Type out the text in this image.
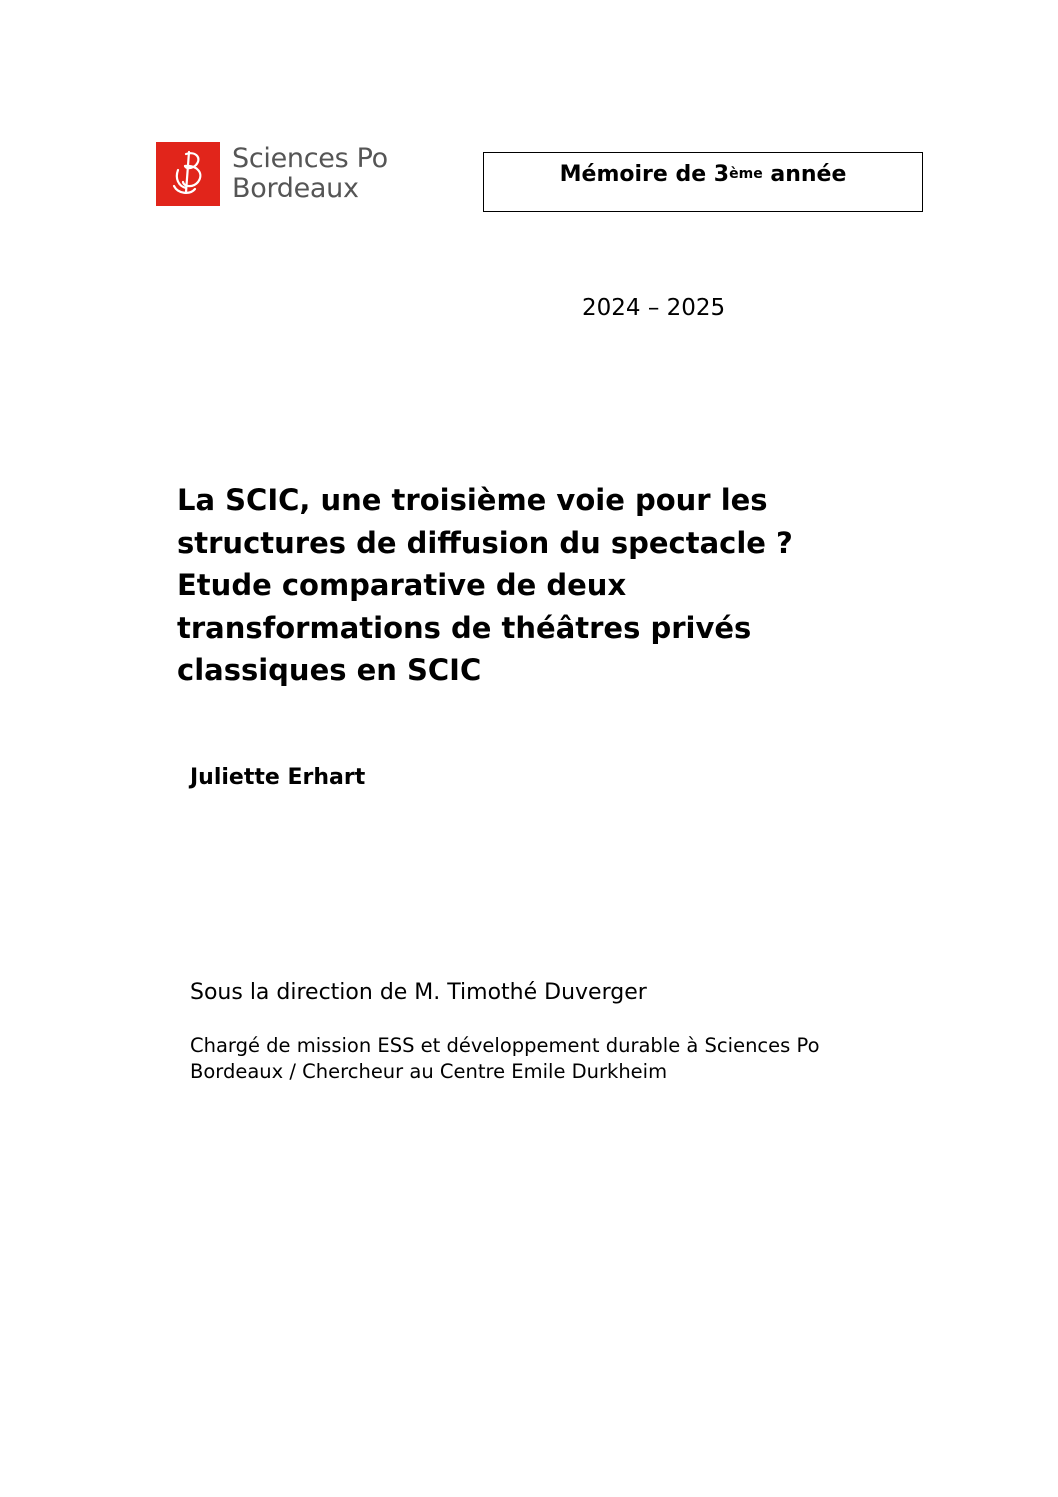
Sciences Po
Bordeaux	Mémoire de 3 ème année
2024 – 2025
La SCIC, une troisième voie pour les
structures de diffusion du spectacle ?
Etude comparative de deux
transformations de théâtres privés
classiques en SCIC
Juliette Erhart
Sous la direction de M. Timothé Duverger
Chargé de mission ESS et développement durable à Sciences Po
Bordeaux / Chercheur au Centre Emile Durkheim
